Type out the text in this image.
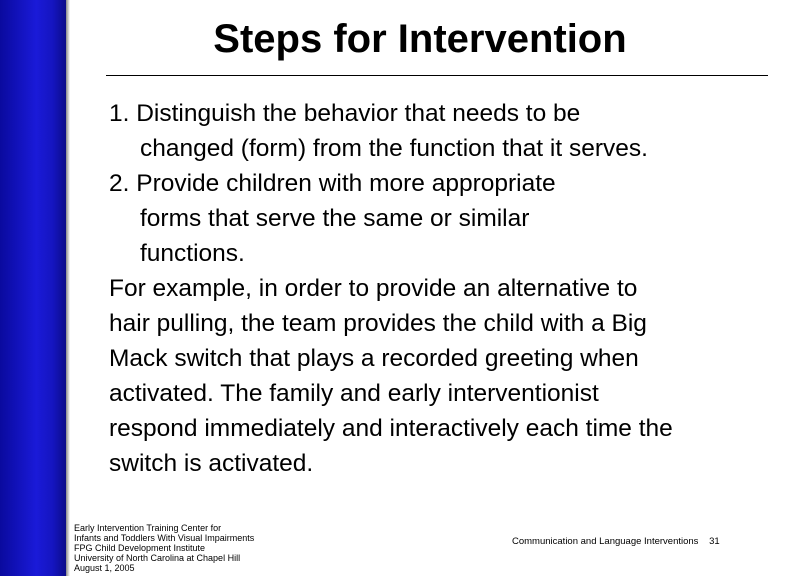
Steps for Intervention
1. Distinguish the behavior that needs to be
changed (form) from the function that it serves.
2. Provide children with more appropriate
forms that serve the same or similar
functions.
For example, in order to provide an alternative to
hair pulling, the team provides the child with a Big
Mack switch that plays a recorded greeting when
activated. The family and early interventionist
respond immediately and interactively each time the
switch is activated.
Early Intervention Training Center for
Infants and Toddlers With Visual Impairments
FPG Child Development Institute
University of North Carolina at Chapel Hill
August 1, 2005
Communication and Language Interventions 31
